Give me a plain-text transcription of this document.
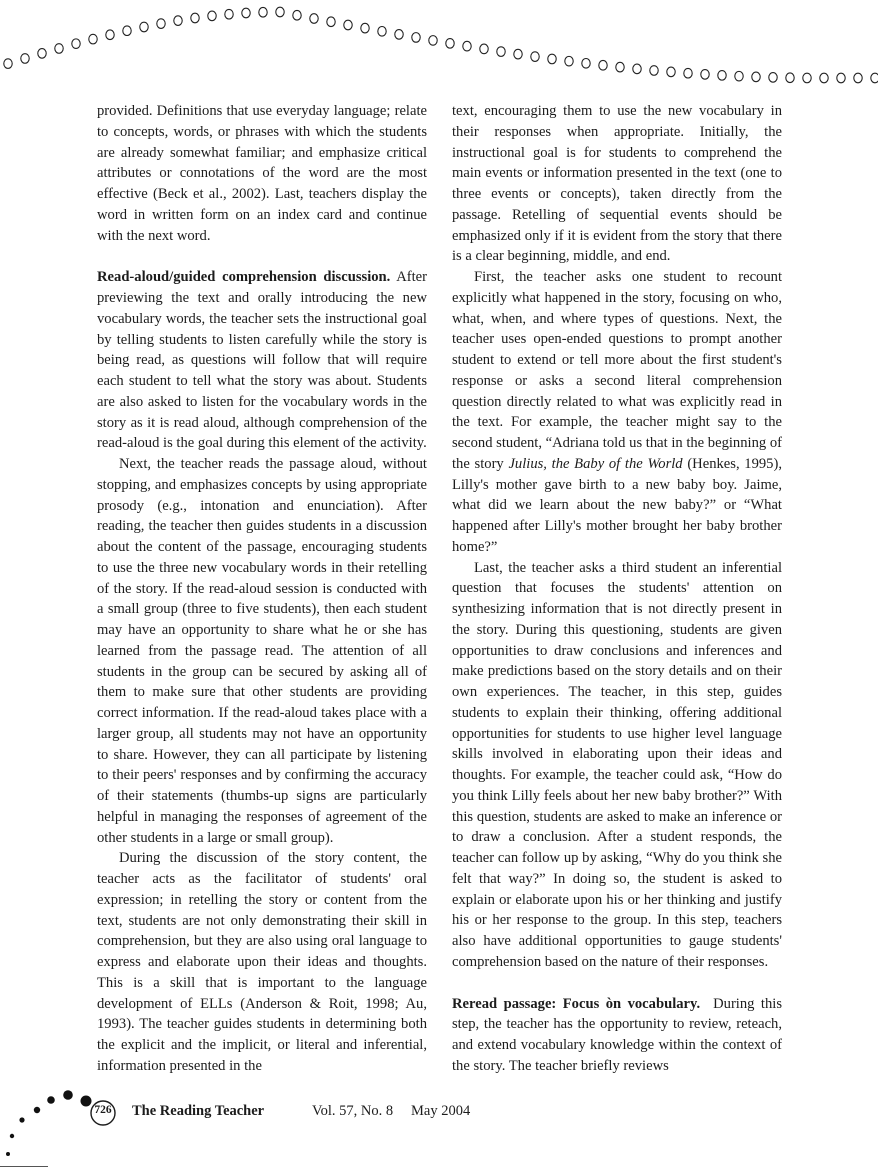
provided. Definitions that use everyday language; relate to concepts, words, or phrases with which the students are already somewhat familiar; and emphasize critical attributes or connotations of the word are the most effective (Beck et al., 2002). Last, teachers display the word in written form on an index card and continue with the next word.

Read-aloud/guided comprehension discussion. After previewing the text and orally introducing the new vocabulary words, the teacher sets the instructional goal by telling students to listen carefully while the story is being read, as questions will follow that will require each student to tell what the story was about. Students are also asked to listen for the vocabulary words in the story as it is read aloud, although comprehension of the read-aloud is the goal during this element of the activity.

Next, the teacher reads the passage aloud, without stopping, and emphasizes concepts by using appropriate prosody (e.g., intonation and enunciation). After reading, the teacher then guides students in a discussion about the content of the passage, encouraging students to use the three new vocabulary words in their retelling of the story. If the read-aloud session is conducted with a small group (three to five students), then each student may have an opportunity to share what he or she has learned from the passage read. The attention of all students in the group can be secured by asking all of them to make sure that other students are providing correct information. If the read-aloud takes place with a larger group, all students may not have an opportunity to share. However, they can all participate by listening to their peers' responses and by confirming the accuracy of their statements (thumbs-up signs are particularly helpful in managing the responses of agreement of the other students in a large or small group).

During the discussion of the story content, the teacher acts as the facilitator of students' oral expression; in retelling the story or content from the text, students are not only demonstrating their skill in comprehension, but they are also using oral language to express and elaborate upon their ideas and thoughts. This is a skill that is important to the language development of ELLs (Anderson & Roit, 1998; Au, 1993). The teacher guides students in determining both the explicit and the implicit, or literal and inferential, information presented in the

text, encouraging them to use the new vocabulary in their responses when appropriate. Initially, the instructional goal is for students to comprehend the main events or information presented in the text (one to three events or concepts), taken directly from the passage. Retelling of sequential events should be emphasized only if it is evident from the story that there is a clear beginning, middle, and end.

First, the teacher asks one student to recount explicitly what happened in the story, focusing on who, what, when, and where types of questions. Next, the teacher uses open-ended questions to prompt another student to extend or tell more about the first student's response or asks a second literal comprehension question directly related to what was explicitly read in the text. For example, the teacher might say to the second student, “Adriana told us that in the beginning of the story Julius, the Baby of the World (Henkes, 1995), Lilly's mother gave birth to a new baby boy. Jaime, what did we learn about the new baby?” or “What happened after Lilly's mother brought her baby brother home?”

Last, the teacher asks a third student an inferential question that focuses the students' attention on synthesizing information that is not directly present in the story. During this questioning, students are given opportunities to draw conclusions and inferences and make predictions based on the story details and on their own experiences. The teacher, in this step, guides students to explain their thinking, offering additional opportunities for students to use higher level language skills involved in elaborating upon their ideas and thoughts. For example, the teacher could ask, “How do you think Lilly feels about her new baby brother?” With this question, students are asked to make an inference or to draw a conclusion. After a student responds, the teacher can follow up by asking, “Why do you think she felt that way?” In doing so, the student is asked to explain or elaborate upon his or her thinking and justify his or her response to the group. In this step, teachers also have additional opportunities to gauge students' comprehension based on the nature of their responses.

Reread passage: Focus òn vocabulary. During this step, the teacher has the opportunity to review, reteach, and extend vocabulary knowledge within the context of the story. The teacher briefly reviews

726	The Reading Teacher	Vol. 57, No. 8 May 2004
